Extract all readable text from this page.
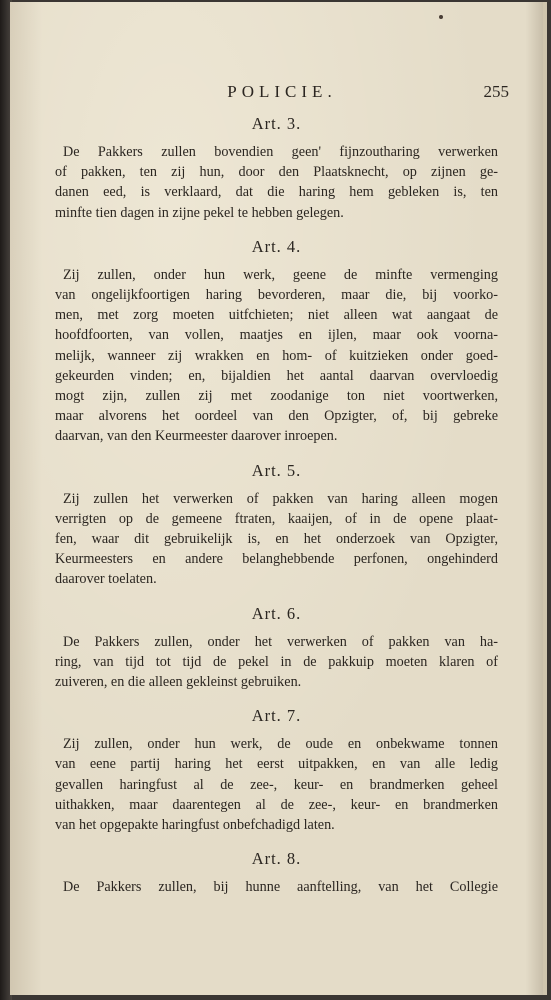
POLICIE.	255
Art. 3.

De Pakkers zullen bovendien geen' fijnzoutharing verwerken
of pakken, ten zij hun, door den Plaatsknecht, op zijnen ge-
danen eed, is verklaard, dat die haring hem gebleken is, ten
minfte tien dagen in zijne pekel te hebben gelegen.

Art. 4.

Zij zullen, onder hun werk, geene de minfte vermenging
van ongelijkfoortigen haring bevorderen, maar die, bij voorko-
men, met zorg moeten uitfchieten; niet alleen wat aangaat de
hoofdfoorten, van vollen, maatjes en ijlen, maar ook voorna-
melijk, wanneer zij wrakken en hom- of kuitzieken onder goed-
gekeurden vinden; en, bijaldien het aantal daarvan overvloedig
mogt zijn, zullen zij met zoodanige ton niet voortwerken,
maar alvorens het oordeel van den Opzigter, of, bij gebreke
daarvan, van den Keurmeester daarover inroepen.

Art. 5.

Zij zullen het verwerken of pakken van haring alleen mogen
verrigten op de gemeene ftraten, kaaijen, of in de opene plaat-
fen, waar dit gebruikelijk is, en het onderzoek van Opzigter,
Keurmeesters en andere belanghebbende perfonen, ongehinderd
daarover toelaten.

Art. 6.

De Pakkers zullen, onder het verwerken of pakken van ha-
ring, van tijd tot tijd de pekel in de pakkuip moeten klaren of
zuiveren, en die alleen gekleinst gebruiken.

Art. 7.

Zij zullen, onder hun werk, de oude en onbekwame tonnen
van eene partij haring het eerst uitpakken, en van alle ledig
gevallen haringfust al de zee-, keur- en brandmerken geheel
uithakken, maar daarentegen al de zee-, keur- en brandmerken
van het opgepakte haringfust onbefchadigd laten.

Art. 8.

De Pakkers zullen, bij hunne aanftelling, van het Collegie
